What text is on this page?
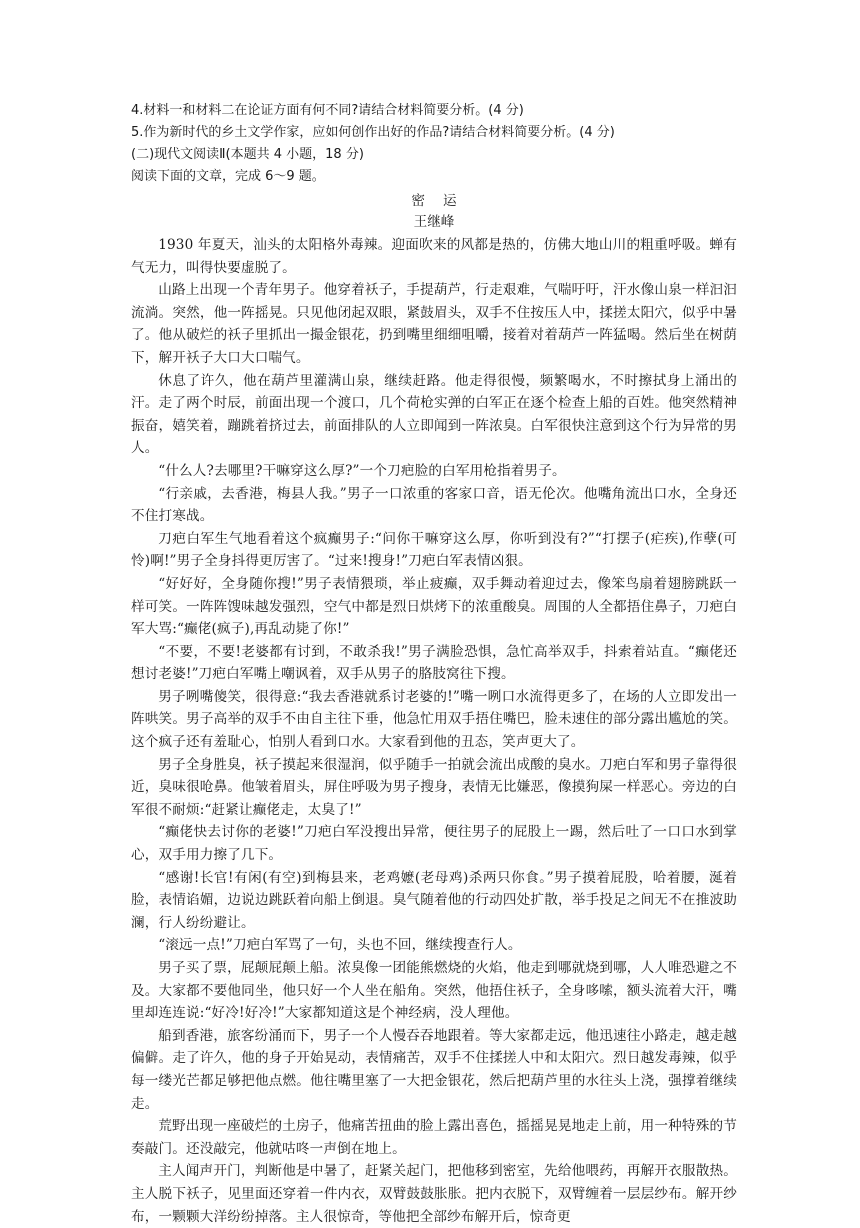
4.材料一和材料二在论证方面有何不同?请结合材料简要分析。(4 分)

5.作为新时代的乡土文学作家，应如何创作出好的作品?请结合材料简要分析。(4 分)

(二)现代文阅读Ⅱ(本题共 4 小题，18 分)

阅读下面的文章，完成 6～9 题。

密运

王继峰

1930 年夏天，汕头的太阳格外毒辣。迎面吹来的风都是热的，仿佛大地山川的粗重呼吸。蝉有气无力，叫得快要虚脱了。

山路上出现一个青年男子。他穿着袄子，手提葫芦，行走艰难，气喘吁吁，汗水像山泉一样汩汩流淌。突然，他一阵摇晃。只见他闭起双眼，紧鼓眉头，双手不住按压人中，揉搓太阳穴，似乎中暑了。他从破烂的袄子里抓出一撮金银花，扔到嘴里细细咀嚼，接着对着葫芦一阵猛喝。然后坐在树荫下，解开袄子大口大口喘气。

休息了许久，他在葫芦里灌满山泉，继续赶路。他走得很慢，频繁喝水，不时擦拭身上涌出的汗。走了两个时辰，前面出现一个渡口，几个荷枪实弹的白军正在逐个检查上船的百姓。他突然精神振奋，嬉笑着，蹦跳着挤过去，前面排队的人立即闻到一阵浓臭。白军很快注意到这个行为异常的男人。

“什么人?去哪里?干嘛穿这么厚?”一个刀疤脸的白军用枪指着男子。

“行亲戚，去香港，梅县人我。”男子一口浓重的客家口音，语无伦次。他嘴角流出口水，全身还不住打寒战。

刀疤白军生气地看着这个疯癫男子:“问你干嘛穿这么厚，你听到没有?”“打摆子(疟疾),作孽(可怜)啊!”男子全身抖得更厉害了。“过来!搜身!”刀疤白军表情凶狠。

“好好好，全身随你搜!”男子表情猥琐，举止疲癫，双手舞动着迎过去，像笨鸟扇着翅膀跳跃一样可笑。一阵阵馊味越发强烈，空气中都是烈日烘烤下的浓重酸臭。周围的人全都捂住鼻子，刀疤白军大骂:“癫佬(疯子),再乱动毙了你!”

“不要，不要!老婆都有讨到，不敢杀我!”男子满脸恐惧，急忙高举双手，抖索着站直。“癫佬还想讨老婆!”刀疤白军嘴上嘲讽着，双手从男子的胳肢窝往下搜。

男子咧嘴傻笑，很得意:“我去香港就系讨老婆的!”嘴一咧口水流得更多了，在场的人立即发出一阵哄笑。男子高举的双手不由自主往下垂，他急忙用双手捂住嘴巴，脸未速住的部分露出尴尬的笑。这个疯子还有羞耻心，怕别人看到口水。大家看到他的丑态，笑声更大了。

男子全身胜臭，袄子摸起来很湿润，似乎随手一拍就会流出成酸的臭水。刀疤白军和男子靠得很近，臭味很呛鼻。他皱着眉头，屏住呼吸为男子搜身，表情无比嫌恶，像摸狗屎一样恶心。旁边的白军很不耐烦:“赶紧让癫佬走，太臭了!”

“癫佬快去讨你的老婆!”刀疤白军没搜出异常，便往男子的屁股上一踢，然后吐了一口口水到掌心，双手用力擦了几下。

“感谢!长官!有闲(有空)到梅县来，老鸡嬷(老母鸡)杀两只你食。”男子摸着屁股，哈着腰，涎着脸，表情谄媚，边说边跳跃着向船上倒退。臭气随着他的行动四处扩散，举手投足之间无不在推波助澜，行人纷纷避让。

“滚远一点!”刀疤白军骂了一句，头也不回，继续搜查行人。

男子买了票，屁颠屁颠上船。浓臭像一团能熊燃烧的火焰，他走到哪就烧到哪，人人唯恐避之不及。大家都不要他同坐，他只好一个人坐在船角。突然，他捂住袄子，全身哆嗦，额头流着大汗，嘴里却连连说:“好冷!好冷!”大家都知道这是个神经病，没人理他。

船到香港，旅客纷涌而下，男子一个人慢吞吞地跟着。等大家都走远，他迅速往小路走，越走越偏僻。走了许久，他的身子开始晃动，表情痛苦，双手不住揉搓人中和太阳穴。烈日越发毒辣，似乎每一缕光芒都足够把他点燃。他往嘴里塞了一大把金银花，然后把葫芦里的水往头上浇，强撑着继续走。

荒野出现一座破烂的土房子，他痛苦扭曲的脸上露出喜色，摇摇晃晃地走上前，用一种特殊的节奏敲门。还没敲完，他就咕咚一声倒在地上。

主人闻声开门，判断他是中暑了，赶紧关起门，把他移到密室，先给他喂药，再解开衣服散热。主人脱下袄子，见里面还穿着一件内衣，双臂鼓鼓胀胀。把内衣脱下，双臂缠着一层层纱布。解开纱布，一颗颗大洋纷纷掉落。主人很惊奇，等他把全部纱布解开后，惊奇更
